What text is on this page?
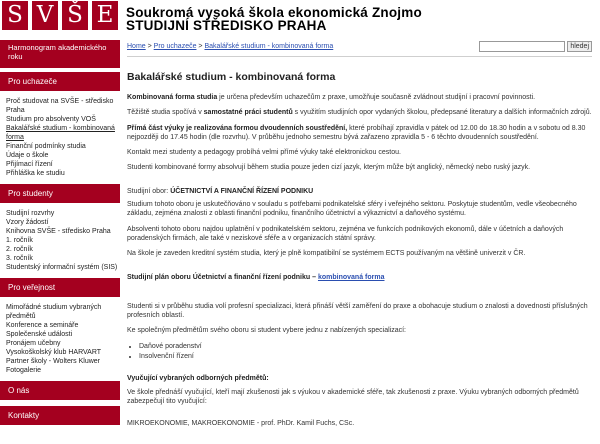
S V Š E Soukromá vysoká škola ekonomická Znojmo
STUDIJNÍ STŘEDISKO PRAHA
Harmonogram akademického roku
Pro uchazeče
Proč studovat na SVŠE - středisko Praha
Studium pro absolventy VOŠ
Bakalářské studium - kombinovaná forma
Finanční podmínky studia
Údaje o škole
Přijímací řízení
Přihláška ke studiu
Pro studenty
Studijní rozvrhy
Vzory žádostí
Knihovna SVŠE - středisko Praha
1. ročník
2. ročník
3. ročník
Studentský informační systém (SIS)
Pro veřejnost
Mimořádné studium vybraných předmětů
Konference a semináře
Společenské události
Pronájem učebny
Vysokoškolský klub HARVART
Partner školy - Wolters Kluwer
Fotogalerie
O nás
Kontakty
Home > Pro uchazeče > Bakalářské studium - kombinovaná forma	hledej
Bakalářské studium - kombinovaná forma

Kombinovaná forma studia je určena především uchazečům z praxe, umožňuje současně zvládnout studijní i pracovní povinnosti.

Těžiště studia spočívá v samostatné práci studentů s využitím studijních opor vydaných školou, předepsané literatury a dalších informačních zdrojů.

Přímá část výuky je realizována formou dvoudenních soustředění, které probíhají zpravidla v pátek od 12.00 do 18.30 hodin a v sobotu od 8.30 nejpozději do 17.45 hodin (dle rozvrhu). V průběhu jednoho semestru bývá zařazeno zpravidla 5 - 6 těchto dvoudenních soustředění.

Kontakt mezi studenty a pedagogy probíhá velmi přímé výuky také elektronickou cestou.

Studenti kombinované formy absolvují během studia pouze jeden cizí jazyk, kterým může být anglický, německý nebo ruský jazyk.

Studijní obor: ÚČETNICTVÍ A FINANČNÍ ŘÍZENÍ PODNIKU

Studium tohoto oboru je uskutečňováno v souladu s potřebami podnikatelské sféry i veřejného sektoru. Poskytuje studentům, vedle všeobecného základu, zejména znalosti z oblasti finanční podniku, finančního účetnictví a výkaznictví a daňového systému.

Absolventi tohoto oboru najdou uplatnění v podnikatelském sektoru, zejména ve funkcích podnikových ekonomů, dále v účetních a daňových poradenských firmách, ale také v neziskové sféře a v organizacích státní správy.

Na škole je zaveden kreditní systém studia, který je plně kompatibilní se systémem ECTS používaným na většině univerzit v ČR.

Studijní plán oboru Účetnictví a finanční řízení podniku – kombinovaná forma

Studenti si v průběhu studia volí profesní specializaci, která přináší větší zaměření do praxe a obohacuje studium o znalosti a dovednosti příslušných profesních oblastí.

Ke společným předmětům svého oboru si student vybere jednu z nabízených specializací:

• Daňové poradenství
• Insolvenční řízení

Vyučující vybraných odborných předmětů:

Ve škole přednáší vyučující, kteří mají zkušenosti jak s výukou v akademické sféře, tak zkušenosti z praxe. Výuku vybraných odborných předmětů zabezpečují tito vyučující:

MIKROEKONOMIE, MAKROEKONOMIE - prof. PhDr. Kamil Fuchs, CSc.
